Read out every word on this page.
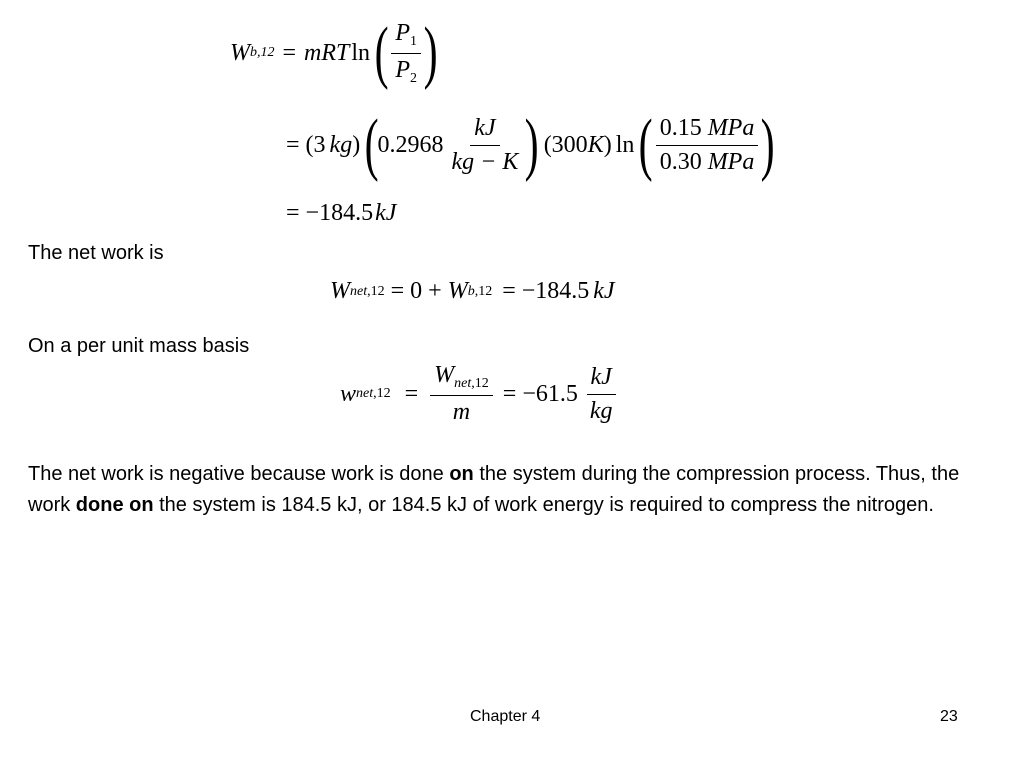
W b,12 = mRT ln ( $\frac{P_1}{P_2}$ )
= (3 kg ) (
$0.2968 \frac{kJ}{kg - K}$ ) (300 K ) ln ( $\frac{\text{0.15 MPa}}{\text{0.30 MPa}}$ )
= −184.5 kJ
The net work is
W net,12 = 0 + W b,12 = −184.5 kJ
On a per unit mass basis
w $net,12 = \frac{W_{net,12}}{m} = -61.5 \frac{kJ}{kg}$
The net work is negative because work is done on the system during the compression process. Thus, the work done on the system is 184.5 kJ, or 184.5 kJ of work energy is required to compress the nitrogen.
Chapter 4	23
